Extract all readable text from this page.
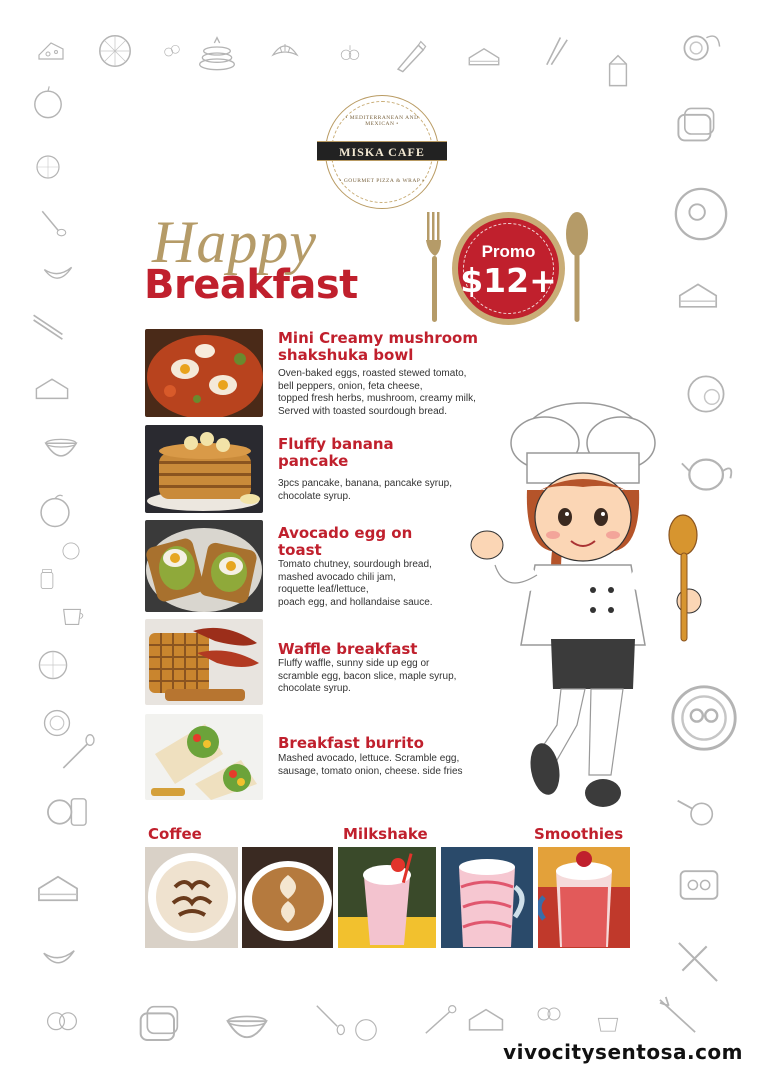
• MEDITERRANEAN AND MEXICAN •
MISKA CAFE
• GOURMET PIZZA & WRAP •
Happy
Breakfast
Promo
$12+
Mini Creamy mushroom shakshuka bowl
Oven-baked eggs, roasted stewed tomato,
bell peppers, onion, feta cheese,
topped fresh herbs, mushroom, creamy milk,
Served with toasted sourdough bread.
Fluffy banana pancake
3pcs pancake, banana, pancake syrup,
chocolate syrup.
Avocado egg on toast
Tomato chutney, sourdough bread,
mashed avocado chili jam,
roquette leaf/lettuce,
poach egg, and hollandaise sauce.
Waffle breakfast
Fluffy waffle, sunny side up egg or
scramble egg, bacon slice, maple syrup,
chocolate syrup.
Breakfast burrito
Mashed avocado, lettuce. Scramble egg,
sausage, tomato onion, cheese. side fries
Coffee	Milkshake	Smoothies
vivocitysentosa.com
